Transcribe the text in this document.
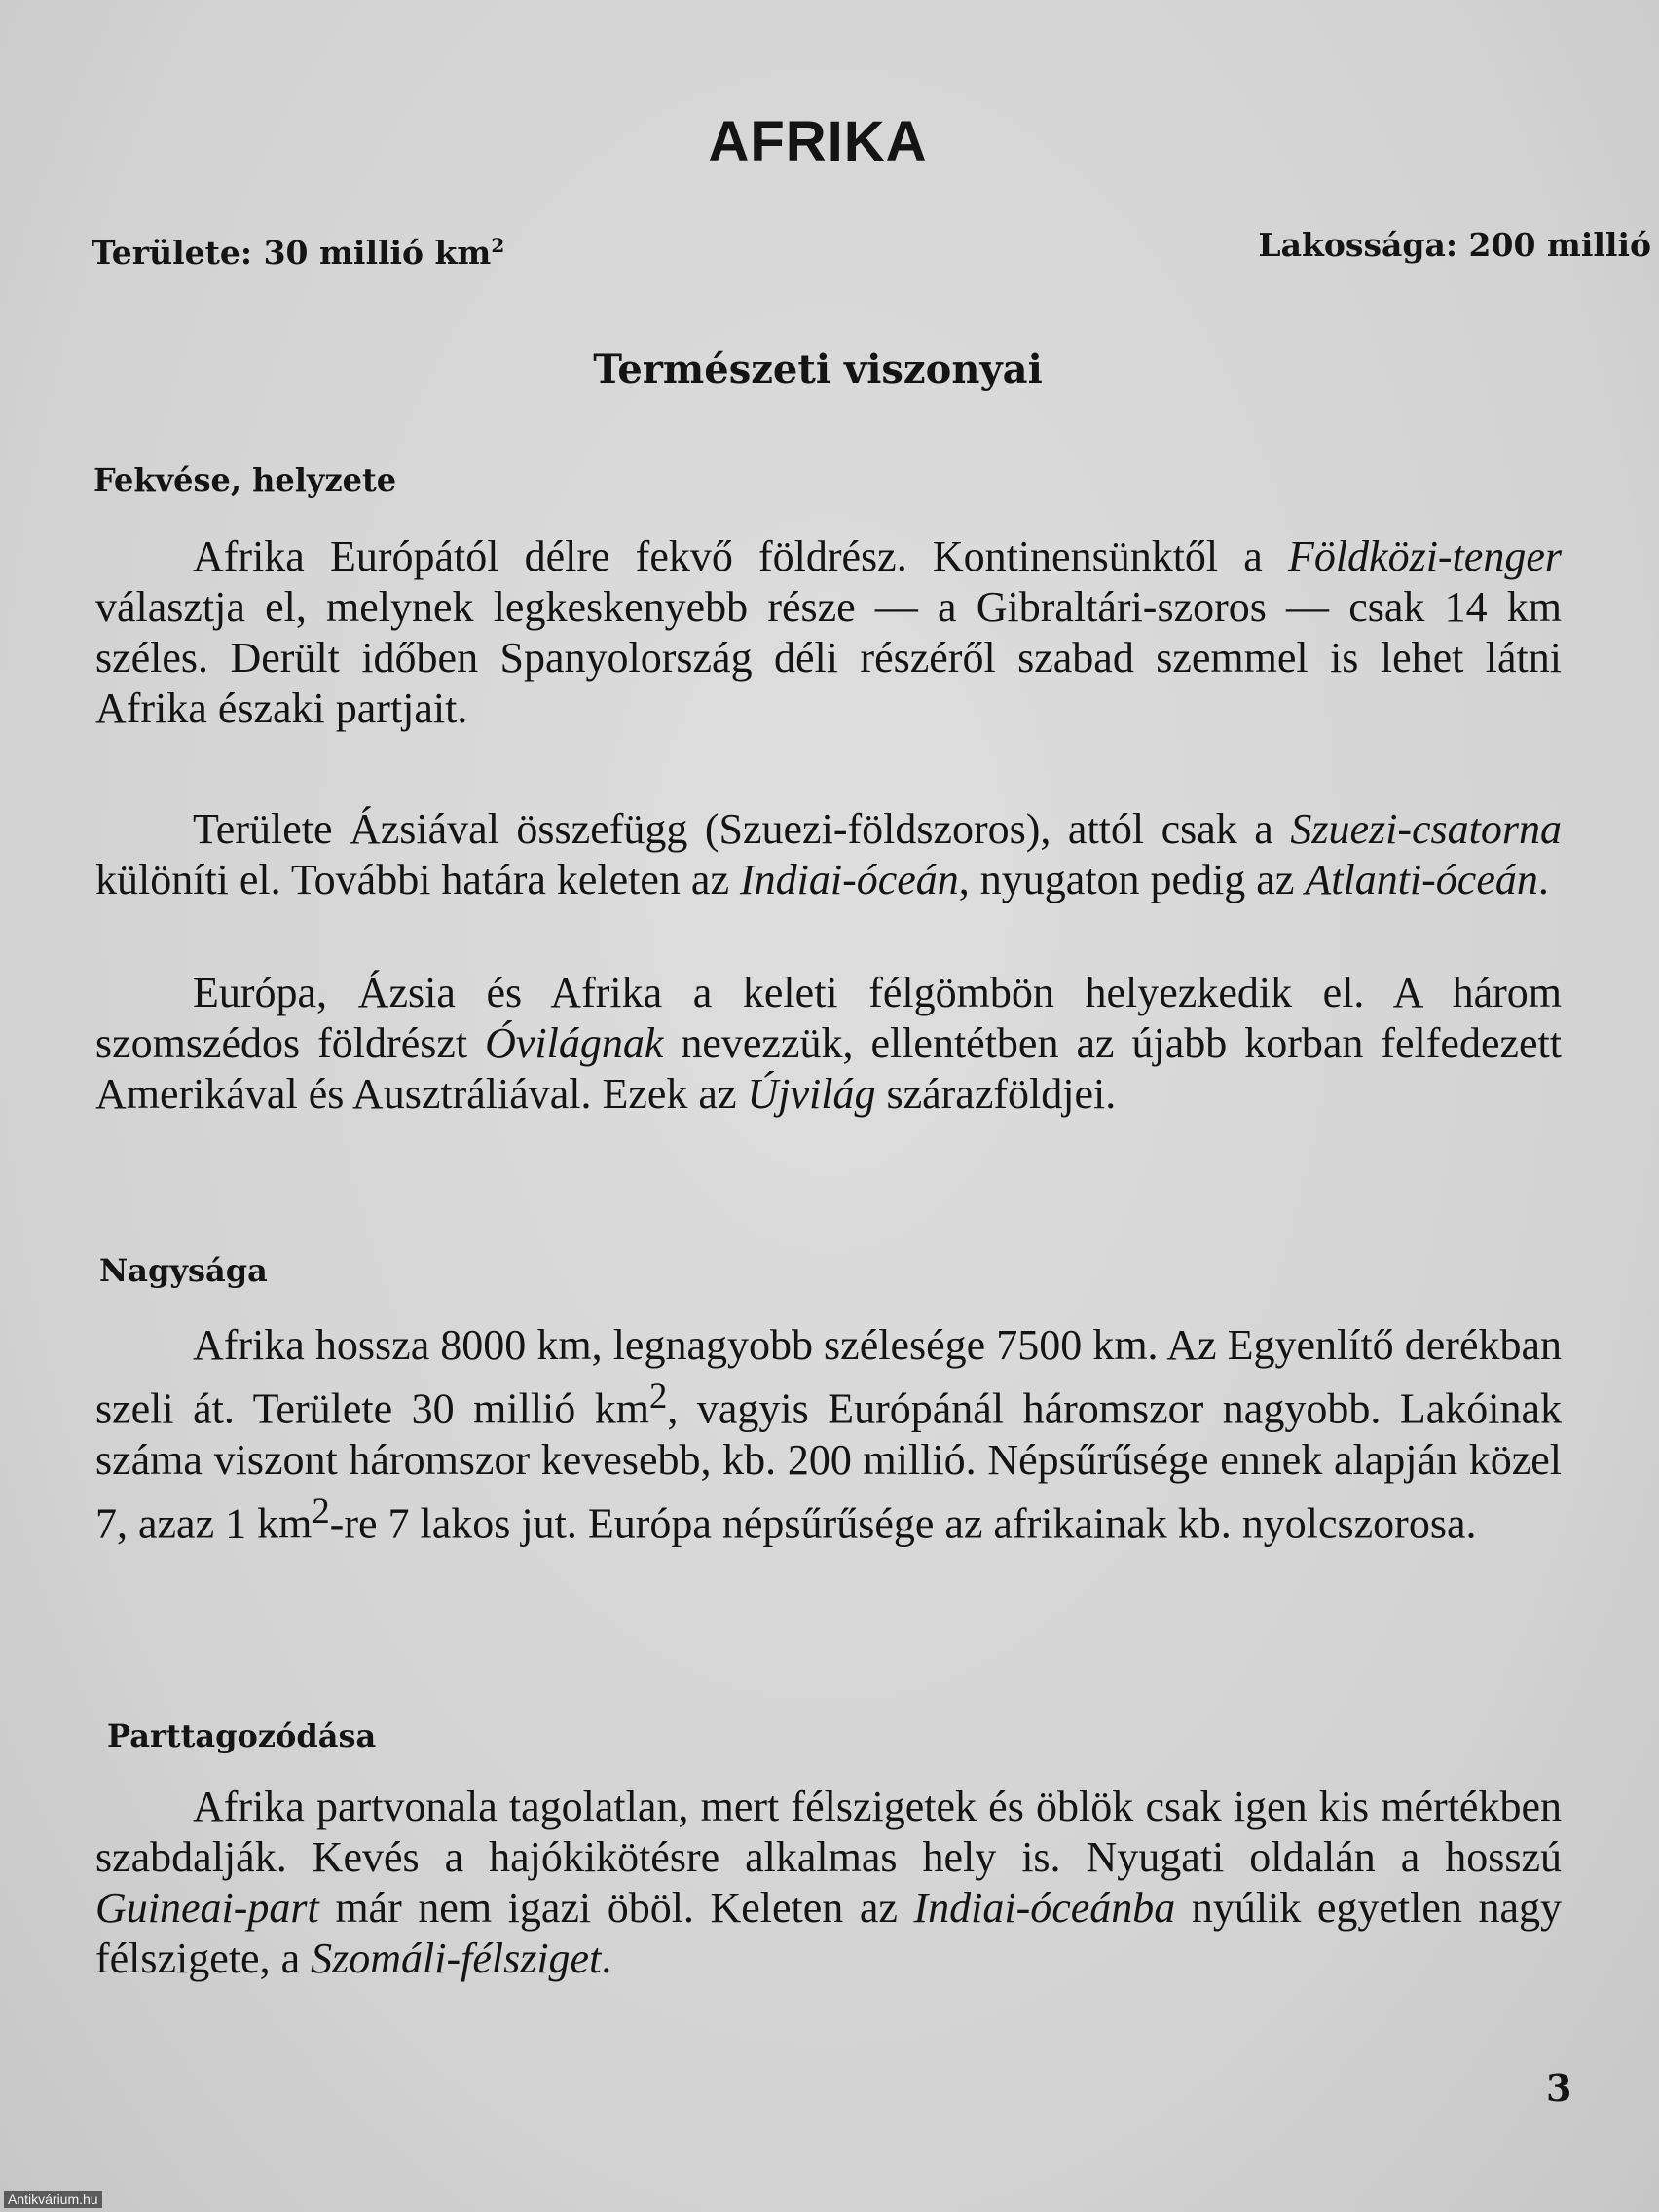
AFRIKA
Területe: 30 millió $km^2$	Lakossága: 200 millió
Természeti viszonyai
Fekvése, helyzete

Afrika Európától délre fekvő földrész. Kontinensünktől a Földközi-tenger választja el, melynek legkeskenyebb része — a Gibraltári-szoros — csak 14 km széles. Derült időben Spanyolország déli részéről szabad szemmel is lehet látni Afrika északi partjait.

Területe Ázsiával összefügg (Szuezi-földszoros), attól csak a Szuezi-csatorna különíti el. További határa keleten az Indiai-óceán, nyugaton pedig az Atlanti-óceán.

Európa, Ázsia és Afrika a keleti félgömbön helyezkedik el. A három szomszédos földrészt Óvilágnak nevezzük, ellentétben az újabb korban felfedezett Amerikával és Ausztráliával. Ezek az Újvilág szárazföldjei.

Nagysága

Afrika hossza 8000 km, legnagyobb szélesége 7500 km. Az Egyenlítő derékban szeli át. Területe 30 millió $km^2$, vagyis Európánál háromszor nagyobb. Lakóinak száma viszont háromszor kevesebb, kb. 200 millió. Népsűrűsége ennek alapján közel 7, azaz 1 $km^2-re$ 7 lakos jut. Európa népsűrűsége az afrikainak kb. nyolcszorosa.

Parttagozódása

Afrika partvonala tagolatlan, mert félszigetek és öblök csak igen kis mértékben szabdalják. Kevés a hajókikötésre alkalmas hely is. Nyugati oldalán a hosszú Guineai-part már nem igazi öböl. Keleten az Indiai-óceánba nyúlik egyetlen nagy félszigete, a Szomáli-félsziget.

3
Antikvárium.hu
